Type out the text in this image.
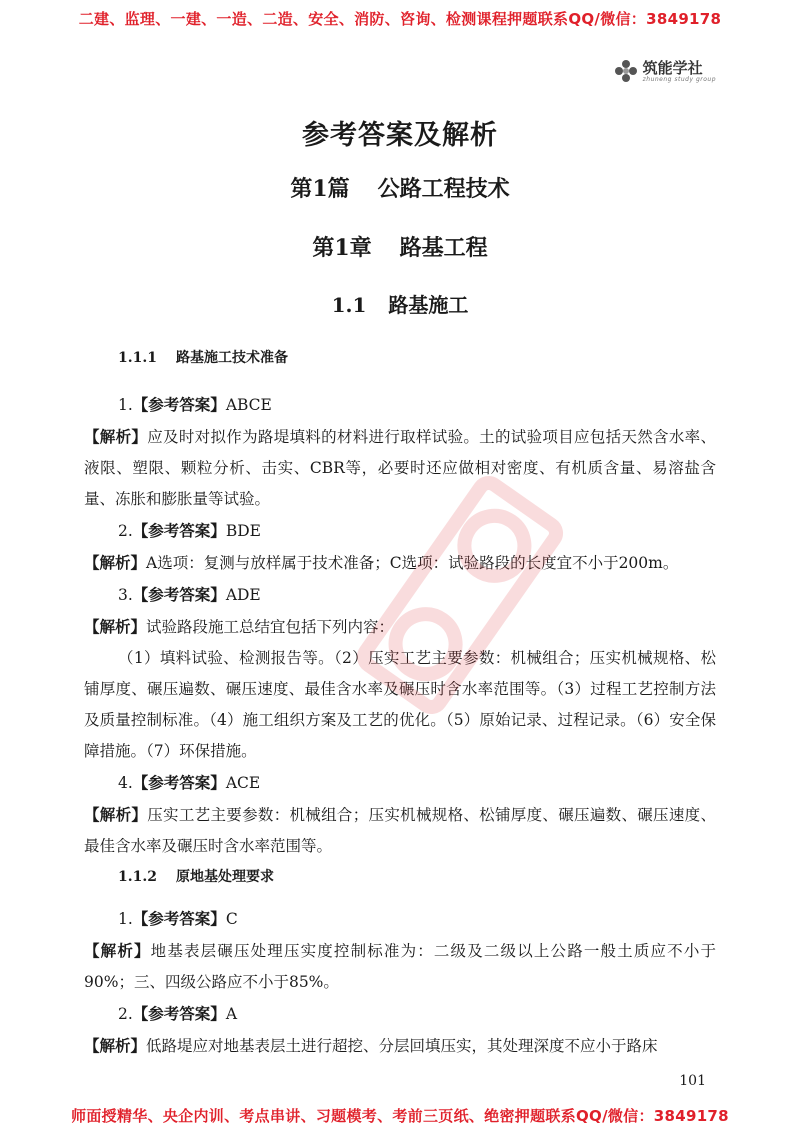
二建、监理、一建、一造、二造、安全、消防、咨询、检测课程押题联系QQ/微信：3849178
筑能学社
zhuneng study group
参考答案及解析
第1篇 公路工程技术
第1章 路基工程
1.1 路基施工
1.1.1 路基施工技术准备
1.【参考答案】ABCE
【解析】应及时对拟作为路堤填料的材料进行取样试验。土的试验项目应包括天然含水率、液限、塑限、颗粒分析、击实、CBR等，必要时还应做相对密度、有机质含量、易溶盐含量、冻胀和膨胀量等试验。
2.【参考答案】BDE
【解析】A选项：复测与放样属于技术准备；C选项：试验路段的长度宜不小于200m。
3.【参考答案】ADE
【解析】试验路段施工总结宜包括下列内容：
（1）填料试验、检测报告等。（2）压实工艺主要参数：机械组合；压实机械规格、松铺厚度、碾压遍数、碾压速度、最佳含水率及碾压时含水率范围等。（3）过程工艺控制方法及质量控制标准。（4）施工组织方案及工艺的优化。（5）原始记录、过程记录。（6）安全保障措施。（7）环保措施。
4.【参考答案】ACE
【解析】压实工艺主要参数：机械组合；压实机械规格、松铺厚度、碾压遍数、碾压速度、最佳含水率及碾压时含水率范围等。
1.1.2 原地基处理要求
1.【参考答案】C
【解析】地基表层碾压处理压实度控制标准为：二级及二级以上公路一般土质应不小于90%；三、四级公路应不小于85%。
2.【参考答案】A
【解析】低路堤应对地基表层土进行超挖、分层回填压实，其处理深度不应小于路床
101
师面授精华、央企内训、考点串讲、习题模考、考前三页纸、绝密押题联系QQ/微信：3849178
